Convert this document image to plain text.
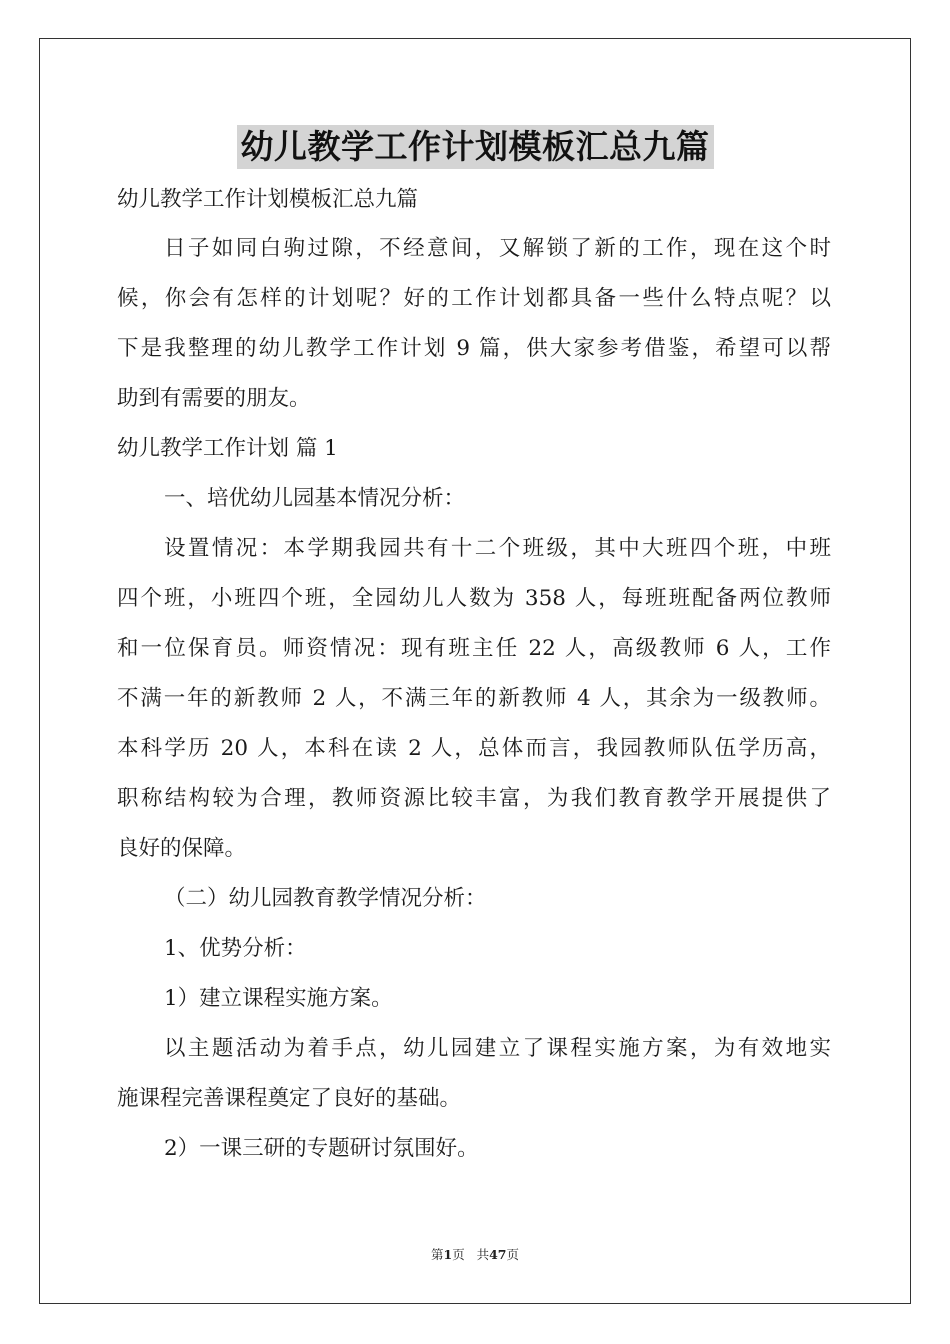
幼儿教学工作计划模板汇总九篇

幼儿教学工作计划模板汇总九篇

日子如同白驹过隙，不经意间，又解锁了新的工作，现在这个时

候，你会有怎样的计划呢？好的工作计划都具备一些什么特点呢？以

下是我整理的幼儿教学工作计划 9 篇，供大家参考借鉴，希望可以帮

助到有需要的朋友。

幼儿教学工作计划 篇 1

一、培优幼儿园基本情况分析：

设置情况：本学期我园共有十二个班级，其中大班四个班，中班

四个班，小班四个班，全园幼儿人数为 358 人，每班班配备两位教师

和一位保育员。师资情况：现有班主任 22 人，高级教师 6 人，工作

不满一年的新教师 2 人，不满三年的新教师 4 人，其余为一级教师。

本科学历 20 人，本科在读 2 人，总体而言，我园教师队伍学历高，

职称结构较为合理，教师资源比较丰富，为我们教育教学开展提供了

良好的保障。

（二）幼儿园教育教学情况分析：

1、优势分析：

1）建立课程实施方案。

以主题活动为着手点，幼儿园建立了课程实施方案，为有效地实

施课程完善课程奠定了良好的基础。

2）一课三研的专题研讨氛围好。

第1页   共47页
